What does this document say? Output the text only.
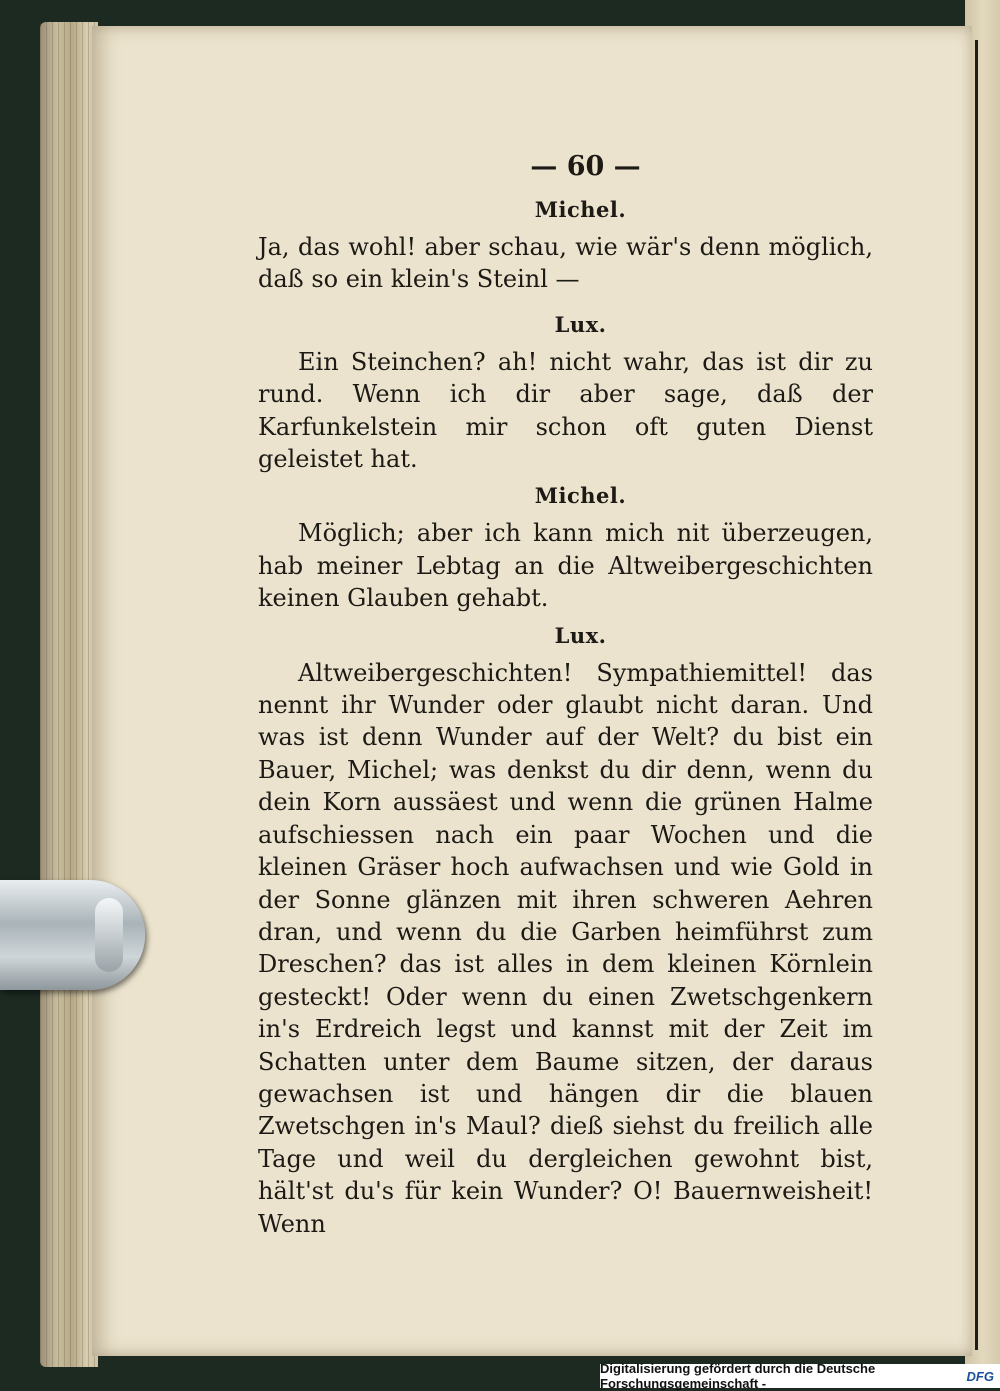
— 60 —
Michel.

Ja, das wohl! aber schau, wie wär's denn möglich, daß so ein klein's Steinl —

Lux.

Ein Steinchen? ah! nicht wahr, das ist dir zu rund. Wenn ich dir aber sage, daß der Karfunkelstein mir schon oft guten Dienst geleistet hat.

Michel.

Möglich; aber ich kann mich nit überzeugen, hab meiner Lebtag an die Altweibergeschichten keinen Glauben gehabt.

Lux.

Altweibergeschichten! Sympathiemittel! das nennt ihr Wunder oder glaubt nicht daran. Und was ist denn Wunder auf der Welt? du bist ein Bauer, Michel; was denkst du dir denn, wenn du dein Korn aussäest und wenn die grünen Halme aufschiessen nach ein paar Wochen und die kleinen Gräser hoch aufwachsen und wie Gold in der Sonne glänzen mit ihren schweren Aehren dran, und wenn du die Garben heimführst zum Dreschen? das ist alles in dem kleinen Körnlein gesteckt! Oder wenn du einen Zwetschgenkern in's Erdreich legst und kannst mit der Zeit im Schatten unter dem Baume sitzen, der daraus gewachsen ist und hängen dir die blauen Zwetschgen in's Maul? dieß siehst du freilich alle Tage und weil du dergleichen gewohnt bist, hält'st du's für kein Wunder? O! Bauernweisheit! Wenn

Digitalisierung gefördert durch die Deutsche Forschungsgemeinschaft -	DFG
